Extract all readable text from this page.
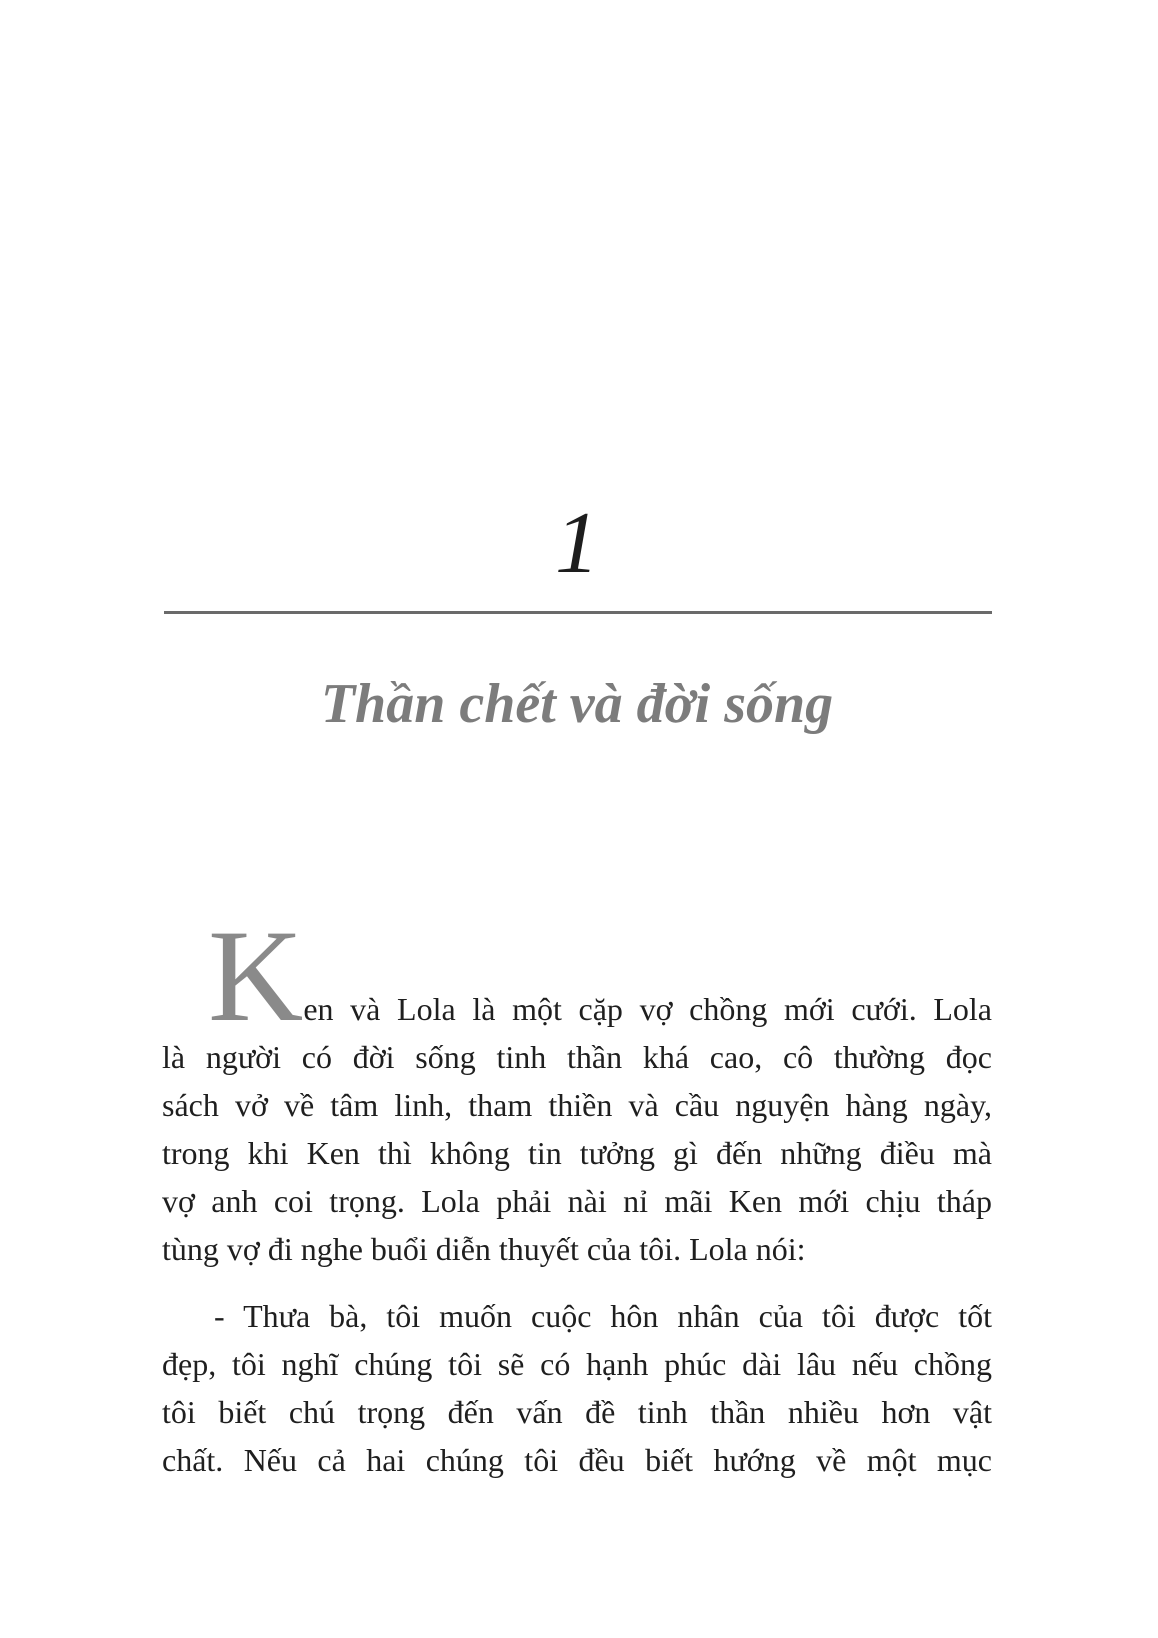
1
Thần chết và đời sống
Ken và Lola là một cặp vợ chồng mới cưới. Lola
là người có đời sống tinh thần khá cao, cô thường đọc
sách vở về tâm linh, tham thiền và cầu nguyện hàng ngày,
trong khi Ken thì không tin tưởng gì đến những điều mà
vợ anh coi trọng. Lola phải nài nỉ mãi Ken mới chịu tháp
tùng vợ đi nghe buổi diễn thuyết của tôi. Lola nói:
- Thưa bà, tôi muốn cuộc hôn nhân của tôi được tốt
đẹp, tôi nghĩ chúng tôi sẽ có hạnh phúc dài lâu nếu chồng
tôi biết chú trọng đến vấn đề tinh thần nhiều hơn vật
chất. Nếu cả hai chúng tôi đều biết hướng về một mục
